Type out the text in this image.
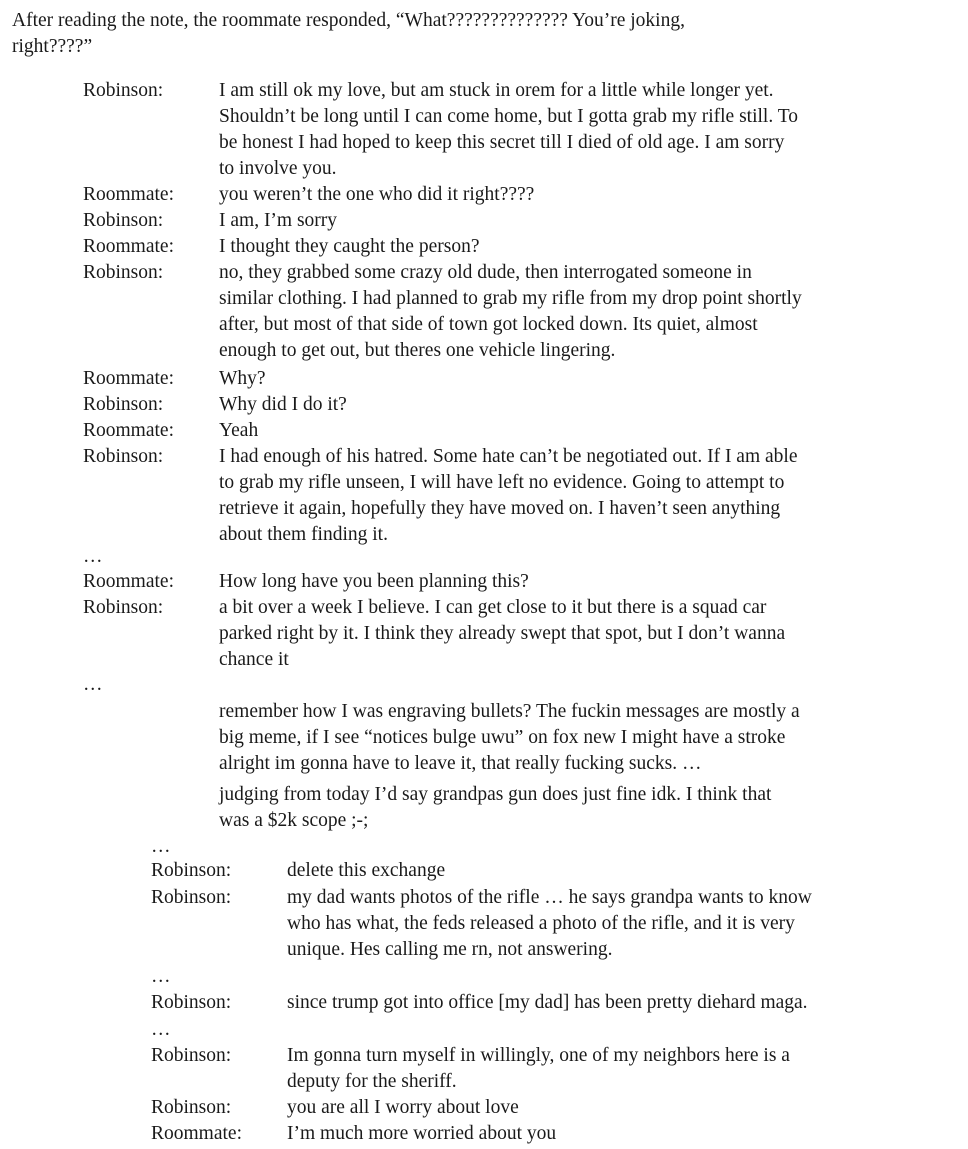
After reading the note, the roommate responded, “What?????????????? You’re joking,
right????”
Robinson:	I am still ok my love, but am stuck in orem for a little while longer yet.
Shouldn’t be long until I can come home, but I gotta grab my rifle still. To
be honest I had hoped to keep this secret till I died of old age. I am sorry
to involve you.
Roommate: you weren’t the one who did it right????
Robinson:	I am, I’m sorry
Roommate: I thought they caught the person?
Robinson:	no, they grabbed some crazy old dude, then interrogated someone in
similar clothing. I had planned to grab my rifle from my drop point shortly
after, but most of that side of town got locked down. Its quiet, almost
enough to get out, but theres one vehicle lingering.
Roommate: Why?
Robinson:	Why did I do it?
Roommate: Yeah
Robinson:	I had enough of his hatred. Some hate can’t be negotiated out. If I am able
to grab my rifle unseen, I will have left no evidence. Going to attempt to
retrieve it again, hopefully they have moved on. I haven’t seen anything
about them finding it.
…
Roommate: How long have you been planning this?
Robinson:	a bit over a week I believe. I can get close to it but there is a squad car
parked right by it. I think they already swept that spot, but I don’t wanna
chance it
…
remember how I was engraving bullets? The fuckin messages are mostly a
big meme, if I see “notices bulge uwu” on fox new I might have a stroke
alright im gonna have to leave it, that really fucking sucks. …
judging from today I’d say grandpas gun does just fine idk. I think that
was a $2k scope ;-;
…
Robinson:	delete this exchange
Robinson:	my dad wants photos of the rifle … he says grandpa wants to know
who has what, the feds released a photo of the rifle, and it is very
unique. Hes calling me rn, not answering.
…
Robinson:	since trump got into office [my dad] has been pretty diehard maga.
…
Robinson:	Im gonna turn myself in willingly, one of my neighbors here is a
deputy for the sheriff.
Robinson:	you are all I worry about love
Roommate: I’m much more worried about you
